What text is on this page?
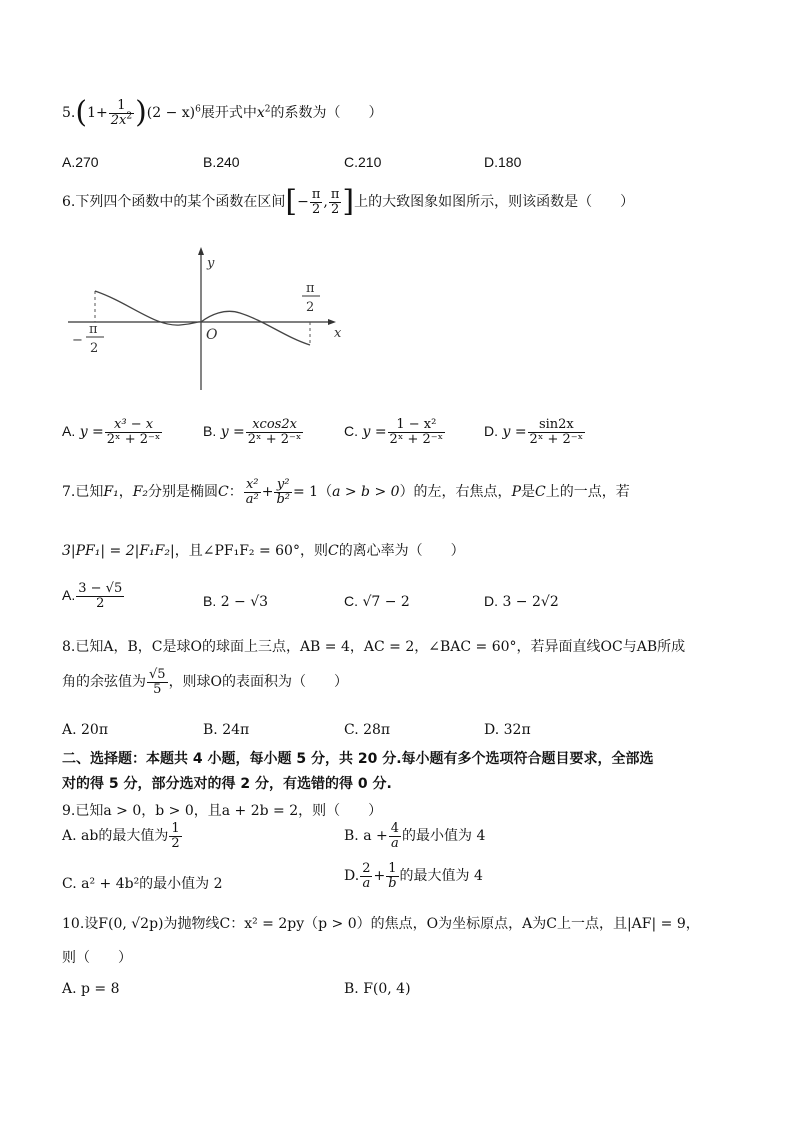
$5.(1+ \frac{1}{2x^2} )(2 - x)^6$展开式中$x^2$的系数为（　　）
A.270	B.240	C.210	D.180
6.下列四个函数中的某个函数在区间[− $\frac{\pi}{2}$ , $\frac{\pi}{2}$ ]上的大致图象如图所示，则该函数是（　　）
y
x
O
−
π
2
π
2
A. $y = \frac{\text{x³ − x}}{\text{2ˣ + 2⁻ˣ}}$	B. $y = \frac{xcos2x}{\text{2ˣ + 2⁻ˣ}}$	C. $y = \frac{\text{1 − x²}}{\text{2ˣ + 2⁻ˣ}}$	D. $y = \frac{\sin 2x}{\text{2ˣ + 2⁻ˣ}}$
7.已知F₁，F₂分别是椭圆C： $\frac{\text{x²}}{\text{a²}} + \frac{\text{y²}}{\text{b²}} = 1(a > b > 0)$的左，右焦点，P是C上的一点，若
3|PF₁| = 2|F₁F₂|，且∠PF₁F₂ = 60°，则C的离心率为（　　）
A. $\frac{3 - √5}{2}$	B. 2 − √3	C. √7 − 2	D. 3 − 2√2
8.已知A，B，C是球O的球面上三点，AB = 4，AC = 2，∠BAC = 60°，若异面直线OC与AB所成
角的余弦值为 $\frac{√5}{5}$ ，则球O的表面积为（　　）
A. 20π	B. 24π	C. 28π	D. 32π
二、选择题：本题共 4 小题，每小题 5 分，共 20 分.每小题有多个选项符合题目要求，全部选
对的得 5 分，部分选对的得 2 分，有选错的得 0 分.
9.已知a > 0，b > 0，且a + 2b = 2，则（　　）
A. ab的最大值为 $\frac{1}{2}$	B. $a + \frac{4}{a}$ 的最小值为 4
C. a² + 4b²的最小值为 2	D. $\frac{2}{a} + \frac{1}{b}$ 的最大值为 4
10.设F(0, √2p)为抛物线C：x² = 2py（p > 0）的焦点，O为坐标原点，A为C上一点，且|AF| = 9，
则（　　）
A. p = 8	B. F(0, 4)
